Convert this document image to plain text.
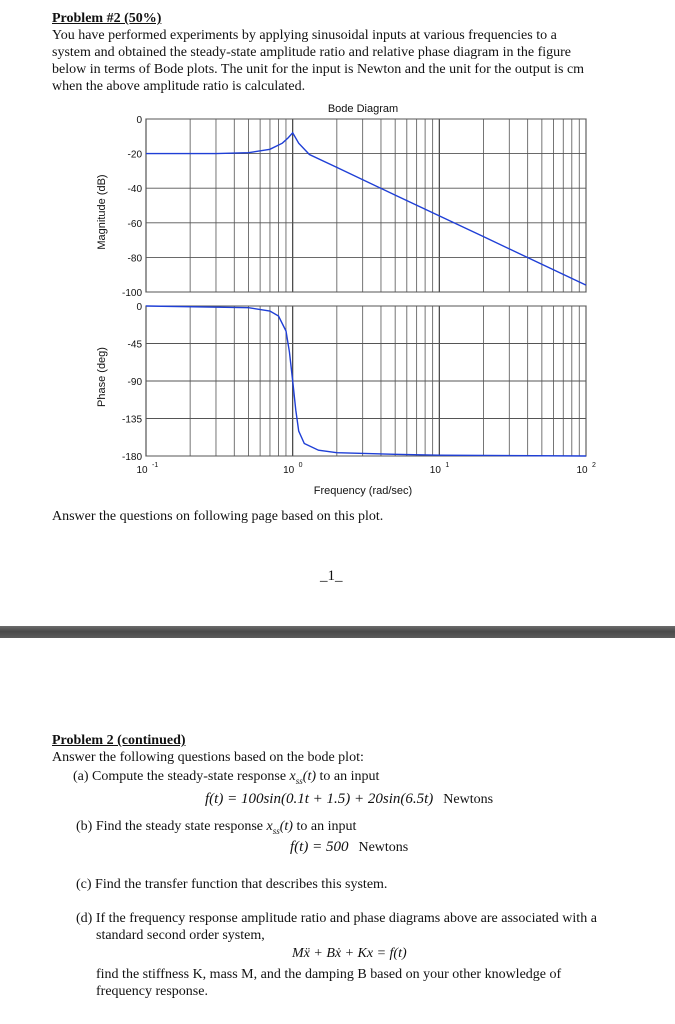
Problem #2 (50%)
You have performed experiments by applying sinusoidal inputs at various frequencies to a
system and obtained the steady-state amplitude ratio and relative phase diagram in the figure
below in terms of Bode plots. The unit for the input is Newton and the unit for the output is cm
when the above amplitude ratio is calculated.
Bode Diagram
0
-20
-40
-60
-80
-100
0
-45
-90
-135
-180
10 -1	10 0	10 1	10 2
Magnitude (dB)
Phase (deg)
Frequency (rad/sec)
Answer the questions on following page based on this plot.
_1_
Problem 2 (continued)
Answer the following questions based on the bode plot:
(a) Compute the steady-state response $x_{ss}(t)$ to an input
f(t) = 100sin(0.1t + 1.5) + 20sin(6.5t) Newtons
(b) Find the steady state response $x_{ss}(t)$ to an input
f(t) = 500 Newtons
(c) Find the transfer function that describes this system.
(d) If the frequency response amplitude ratio and phase diagrams above are associated with a
standard second order system,
Mẍ + Bẋ + Kx = f(t)
find the stiffness K, mass M, and the damping B based on your other knowledge of
frequency response.
